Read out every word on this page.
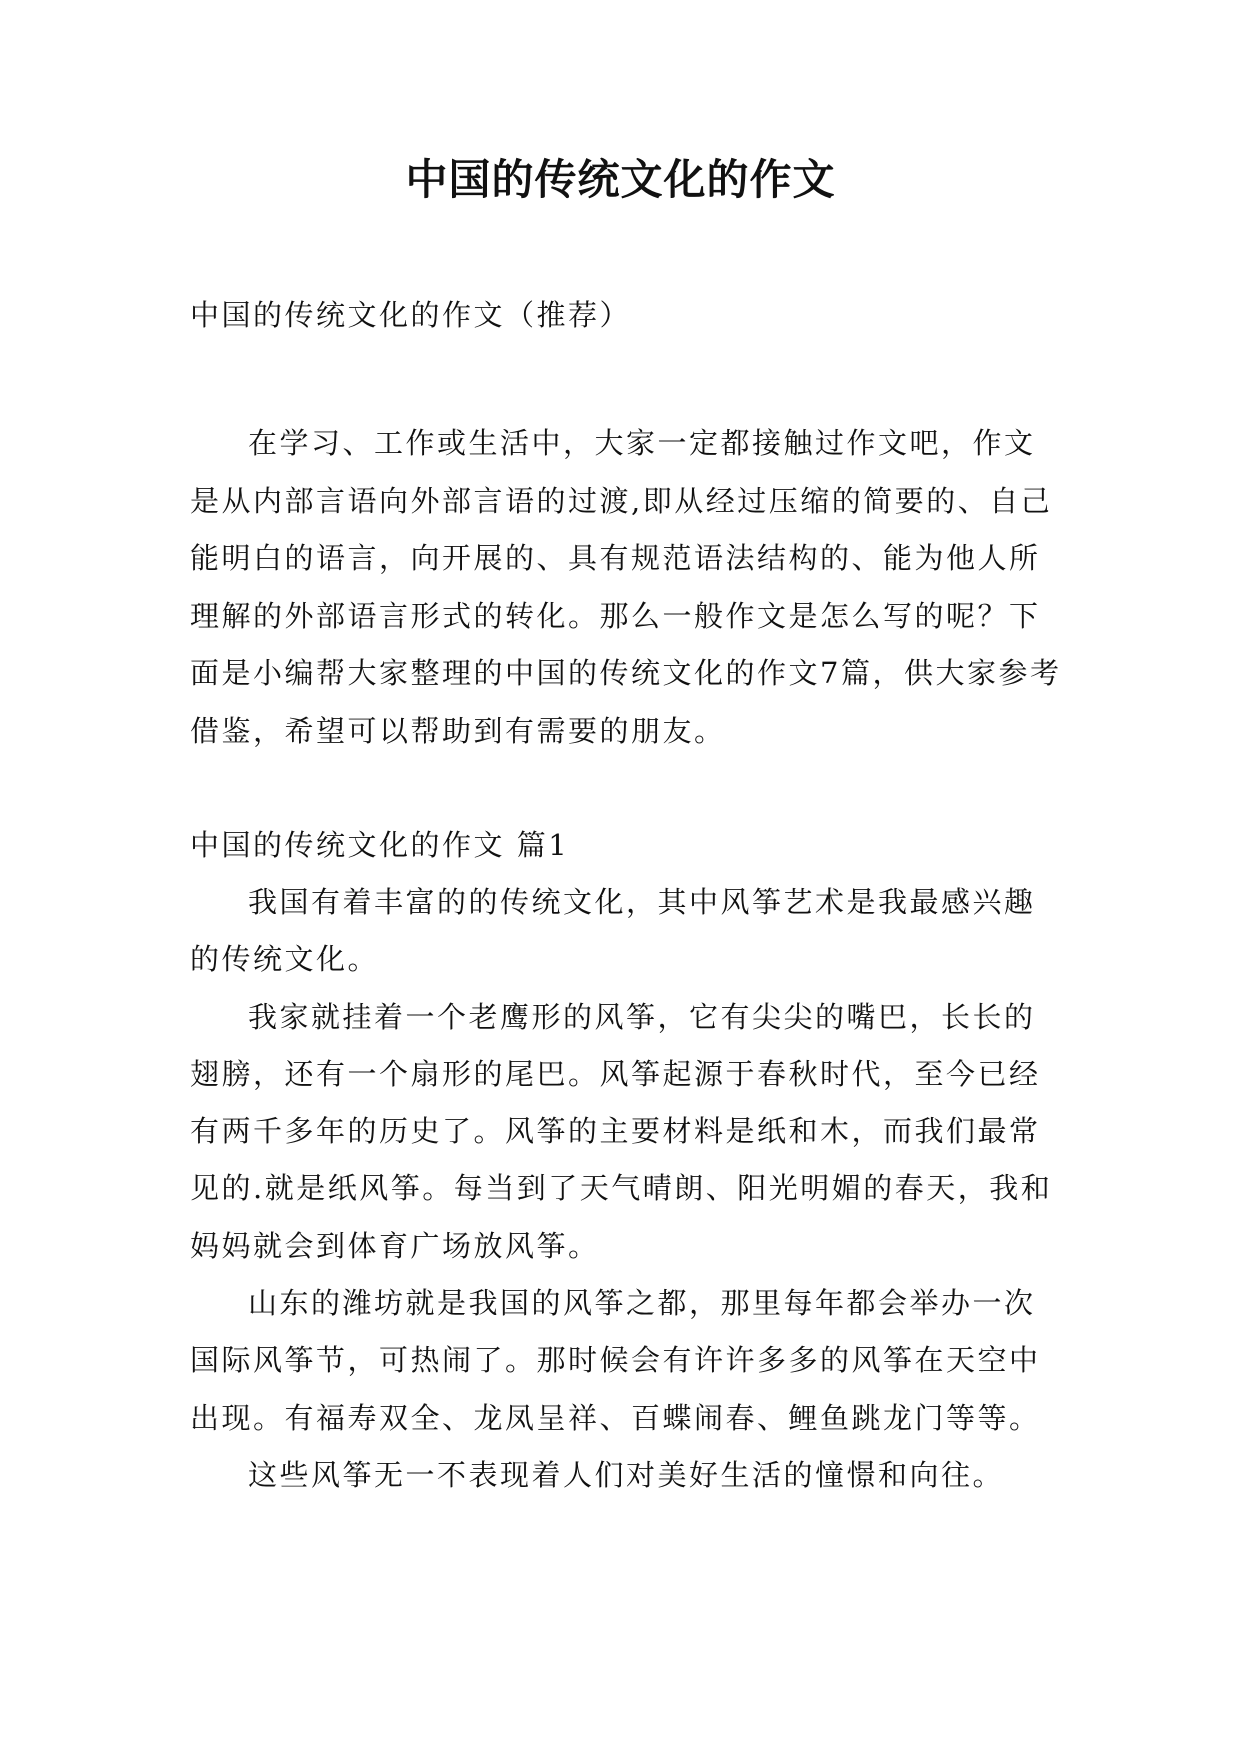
中国的传统文化的作文

中国的传统文化的作文（推荐）

在学习、工作或生活中，大家一定都接触过作文吧，作文是从内部言语向外部言语的过渡,即从经过压缩的简要的、自己能明白的语言，向开展的、具有规范语法结构的、能为他人所理解的外部语言形式的转化。那么一般作文是怎么写的呢？下面是小编帮大家整理的中国的传统文化的作文7篇，供大家参考借鉴，希望可以帮助到有需要的朋友。

中国的传统文化的作文 篇1

我国有着丰富的的传统文化，其中风筝艺术是我最感兴趣的传统文化。

我家就挂着一个老鹰形的风筝，它有尖尖的嘴巴，长长的翅膀，还有一个扇形的尾巴。风筝起源于春秋时代，至今已经有两千多年的历史了。风筝的主要材料是纸和木，而我们最常见的.就是纸风筝。每当到了天气晴朗、阳光明媚的春天，我和妈妈就会到体育广场放风筝。

山东的潍坊就是我国的风筝之都，那里每年都会举办一次国际风筝节，可热闹了。那时候会有许许多多的风筝在天空中出现。有福寿双全、龙凤呈祥、百蝶闹春、鲤鱼跳龙门等等。

这些风筝无一不表现着人们对美好生活的憧憬和向往。
